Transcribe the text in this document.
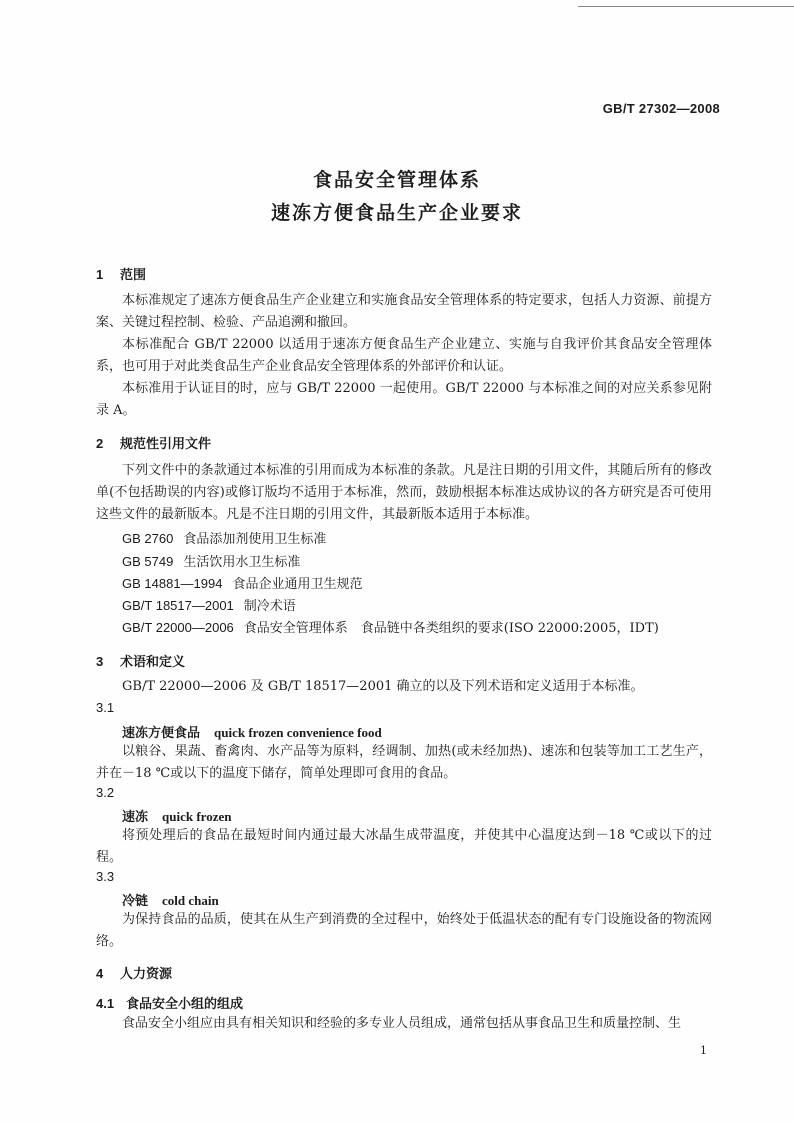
GB/T 27302—2008
食品安全管理体系
速冻方便食品生产企业要求
1 范围
本标准规定了速冻方便食品生产企业建立和实施食品安全管理体系的特定要求，包括人力资源、前提方案、关键过程控制、检验、产品追溯和撤回。
本标准配合 GB/T 22000 以适用于速冻方便食品生产企业建立、实施与自我评价其食品安全管理体系，也可用于对此类食品生产企业食品安全管理体系的外部评价和认证。
本标准用于认证目的时，应与 GB/T 22000 一起使用。GB/T 22000 与本标准之间的对应关系参见附录 A。
2 规范性引用文件
下列文件中的条款通过本标准的引用而成为本标准的条款。凡是注日期的引用文件，其随后所有的修改单(不包括勘误的内容)或修订版均不适用于本标准，然而，鼓励根据本标准达成协议的各方研究是否可使用这些文件的最新版本。凡是不注日期的引用文件，其最新版本适用于本标准。
GB 2760 食品添加剂使用卫生标准
GB 5749 生活饮用水卫生标准
GB 14881—1994 食品企业通用卫生规范
GB/T 18517—2001 制冷术语
GB/T 22000—2006 食品安全管理体系　食品链中各类组织的要求(ISO 22000:2005，IDT)
3 术语和定义
GB/T 22000—2006 及 GB/T 18517—2001 确立的以及下列术语和定义适用于本标准。
3.1
速冻方便食品 quick frozen convenience food
以粮谷、果蔬、畜禽肉、水产品等为原料，经调制、加热(或未经加热)、速冻和包装等加工工艺生产，并在－18 ℃或以下的温度下储存，简单处理即可食用的食品。
3.2
速冻 quick frozen
将预处理后的食品在最短时间内通过最大冰晶生成带温度，并使其中心温度达到－18 ℃或以下的过程。
3.3
冷链 cold chain
为保持食品的品质，使其在从生产到消费的全过程中，始终处于低温状态的配有专门设施设备的物流网络。
4 人力资源
4.1 食品安全小组的组成
食品安全小组应由具有相关知识和经验的多专业人员组成，通常包括从事食品卫生和质量控制、生
1
